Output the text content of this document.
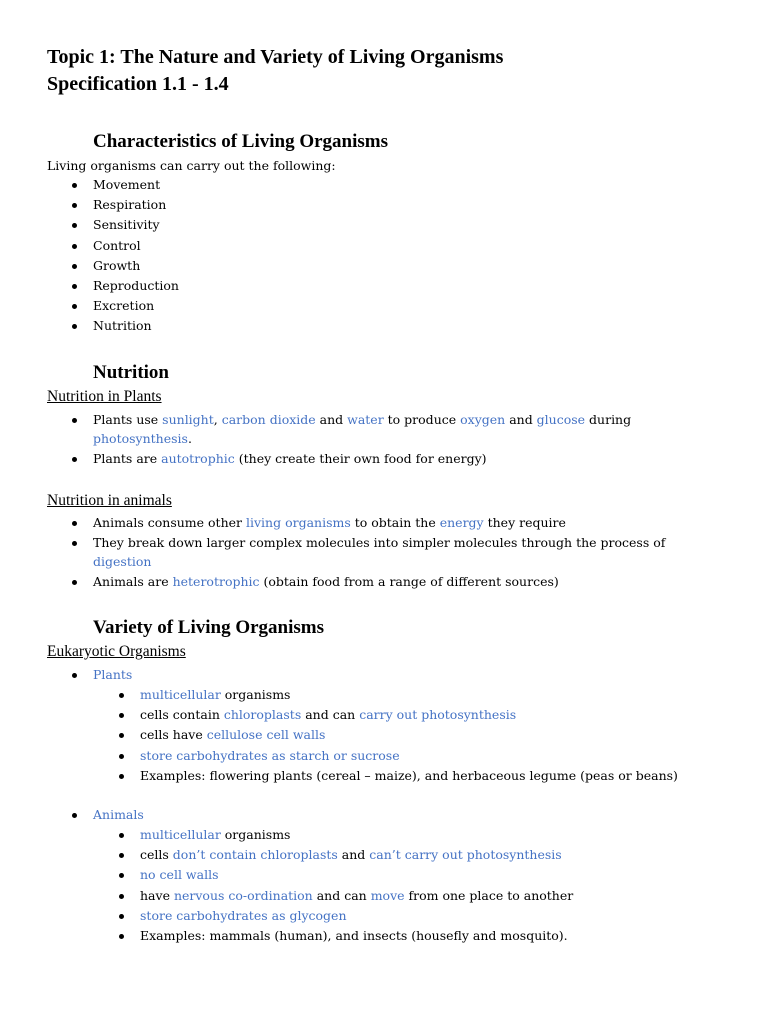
Topic 1: The Nature and Variety of Living Organisms
Specification 1.1 - 1.4
Characteristics of Living Organisms

Living organisms can carry out the following:

Movement
Respiration
Sensitivity
Control
Growth
Reproduction
Excretion
Nutrition
Nutrition
Nutrition in Plants
Plants use sunlight, carbon dioxide and water to produce oxygen and glucose during
photosynthesis.
Plants are autotrophic (they create their own food for energy)
Nutrition in animals
Animals consume other living organisms to obtain the energy they require
They break down larger complex molecules into simpler molecules through the process of
digestion
Animals are heterotrophic (obtain food from a range of different sources)
Variety of Living Organisms
Eukaryotic Organisms
Plants
multicellular organisms
cells contain chloroplasts and can carry out photosynthesis
cells have cellulose cell walls
store carbohydrates as starch or sucrose
Examples: flowering plants (cereal – maize), and herbaceous legume (peas or beans)
Animals
multicellular organisms
cells don’t contain chloroplasts and can’t carry out photosynthesis
no cell walls
have nervous co-ordination and can move from one place to another
store carbohydrates as glycogen
Examples: mammals (human), and insects (housefly and mosquito).
